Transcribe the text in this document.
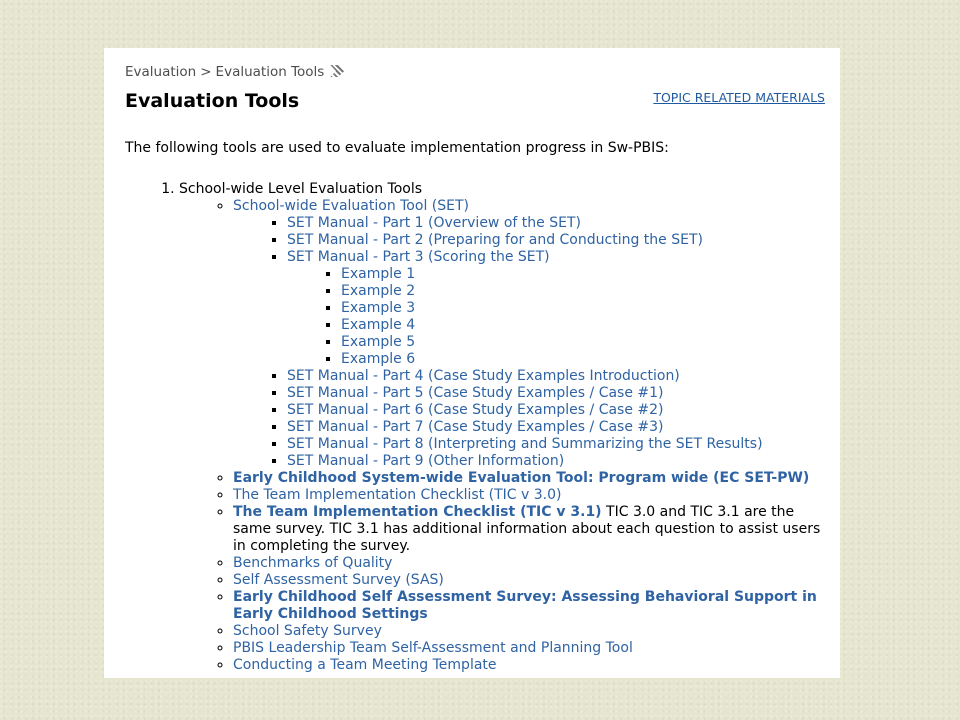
Evaluation > Evaluation Tools
Evaluation Tools	TOPIC RELATED MATERIALS

The following tools are used to evaluate implementation progress in Sw-PBIS:

1. School-wide Level Evaluation Tools
◦ School-wide Evaluation Tool (SET)
▪ SET Manual - Part 1 (Overview of the SET)
▪ SET Manual - Part 2 (Preparing for and Conducting the SET)
▪ SET Manual - Part 3 (Scoring the SET)
▪ Example 1
▪ Example 2
▪ Example 3
▪ Example 4
▪ Example 5
▪ Example 6
▪ SET Manual - Part 4 (Case Study Examples Introduction)
▪ SET Manual - Part 5 (Case Study Examples / Case #1)
▪ SET Manual - Part 6 (Case Study Examples / Case #2)
▪ SET Manual - Part 7 (Case Study Examples / Case #3)
▪ SET Manual - Part 8 (Interpreting and Summarizing the SET Results)
▪ SET Manual - Part 9 (Other Information)
◦ Early Childhood System-wide Evaluation Tool: Program wide (EC SET-PW)
◦ The Team Implementation Checklist (TIC v 3.0)
◦ The Team Implementation Checklist (TIC v 3.1) TIC 3.0 and TIC 3.1 are the same survey. TIC 3.1 has additional information about each question to assist users in completing the survey.
◦ Benchmarks of Quality
◦ Self Assessment Survey (SAS)
◦ Early Childhood Self Assessment Survey: Assessing Behavioral Support in Early Childhood Settings
◦ School Safety Survey
◦ PBIS Leadership Team Self-Assessment and Planning Tool
◦ Conducting a Team Meeting Template
